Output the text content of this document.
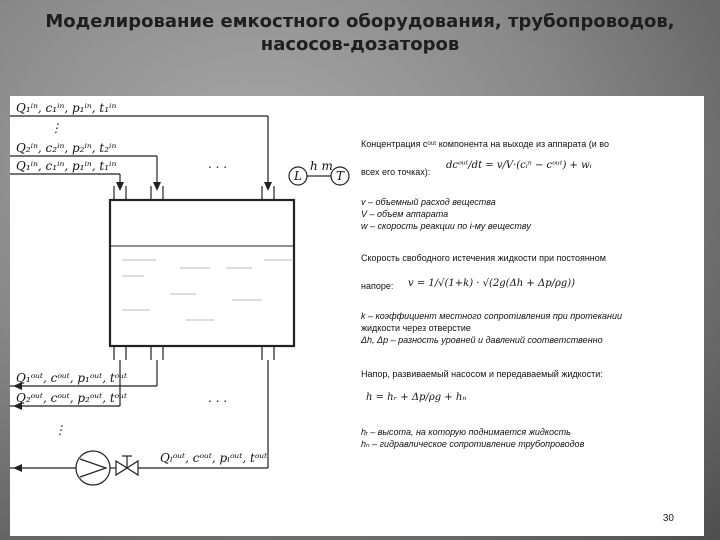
Моделирование емкостного оборудования, трубопроводов,
насосов-дозаторов
Q₁ⁱⁿ, c₁ⁱⁿ, p₁ⁱⁿ, t₁ⁱⁿ
⋮
Q₂ⁱⁿ, c₂ⁱⁿ, p₂ⁱⁿ, t₂ⁱⁿ
Q₁ⁱⁿ, c₁ⁱⁿ, p₁ⁱⁿ, t₁ⁱⁿ	. . .
L
h m
T
Q₁ᵒᵘᵗ, cᵒᵘᵗ, p₁ᵒᵘᵗ, tᵒᵘᵗ
Q₂ᵒᵘᵗ, cᵒᵘᵗ, p₂ᵒᵘᵗ, tᵒᵘᵗ	. . .
⋮
Qₗᵒᵘᵗ, cᵒᵘᵗ, pₗᵒᵘᵗ, tᵒᵘᵗ
Концентрация cᵒᵘᵗ компонента на выходе из аппарата (и во
всех его точках):
dcᵒᵘᵗ/dt = v/V·(cᵢⁿ − cᵒᵘᵗ) + wᵢ
v – объемный расход вещества
V – объем аппарата
w – скорость реакции по i-му веществу
Скорость свободного истечения жидкости при постоянном
напоре:	v = 1/√(1+k) · √(2g(Δh + Δp/ρg))
k – коэффициент местного сопротивления при протекании
жидкости через отверстие
Δh, Δp – разность уровней и давлений соответственно
Напор, развиваемый насосом и передаваемый жидкости:
h = hᵣ + Δp/ρg + hₙ
hᵣ – высота, на которую поднимается жидкость
hₙ – гидравлическое сопротивление трубопроводов
30
